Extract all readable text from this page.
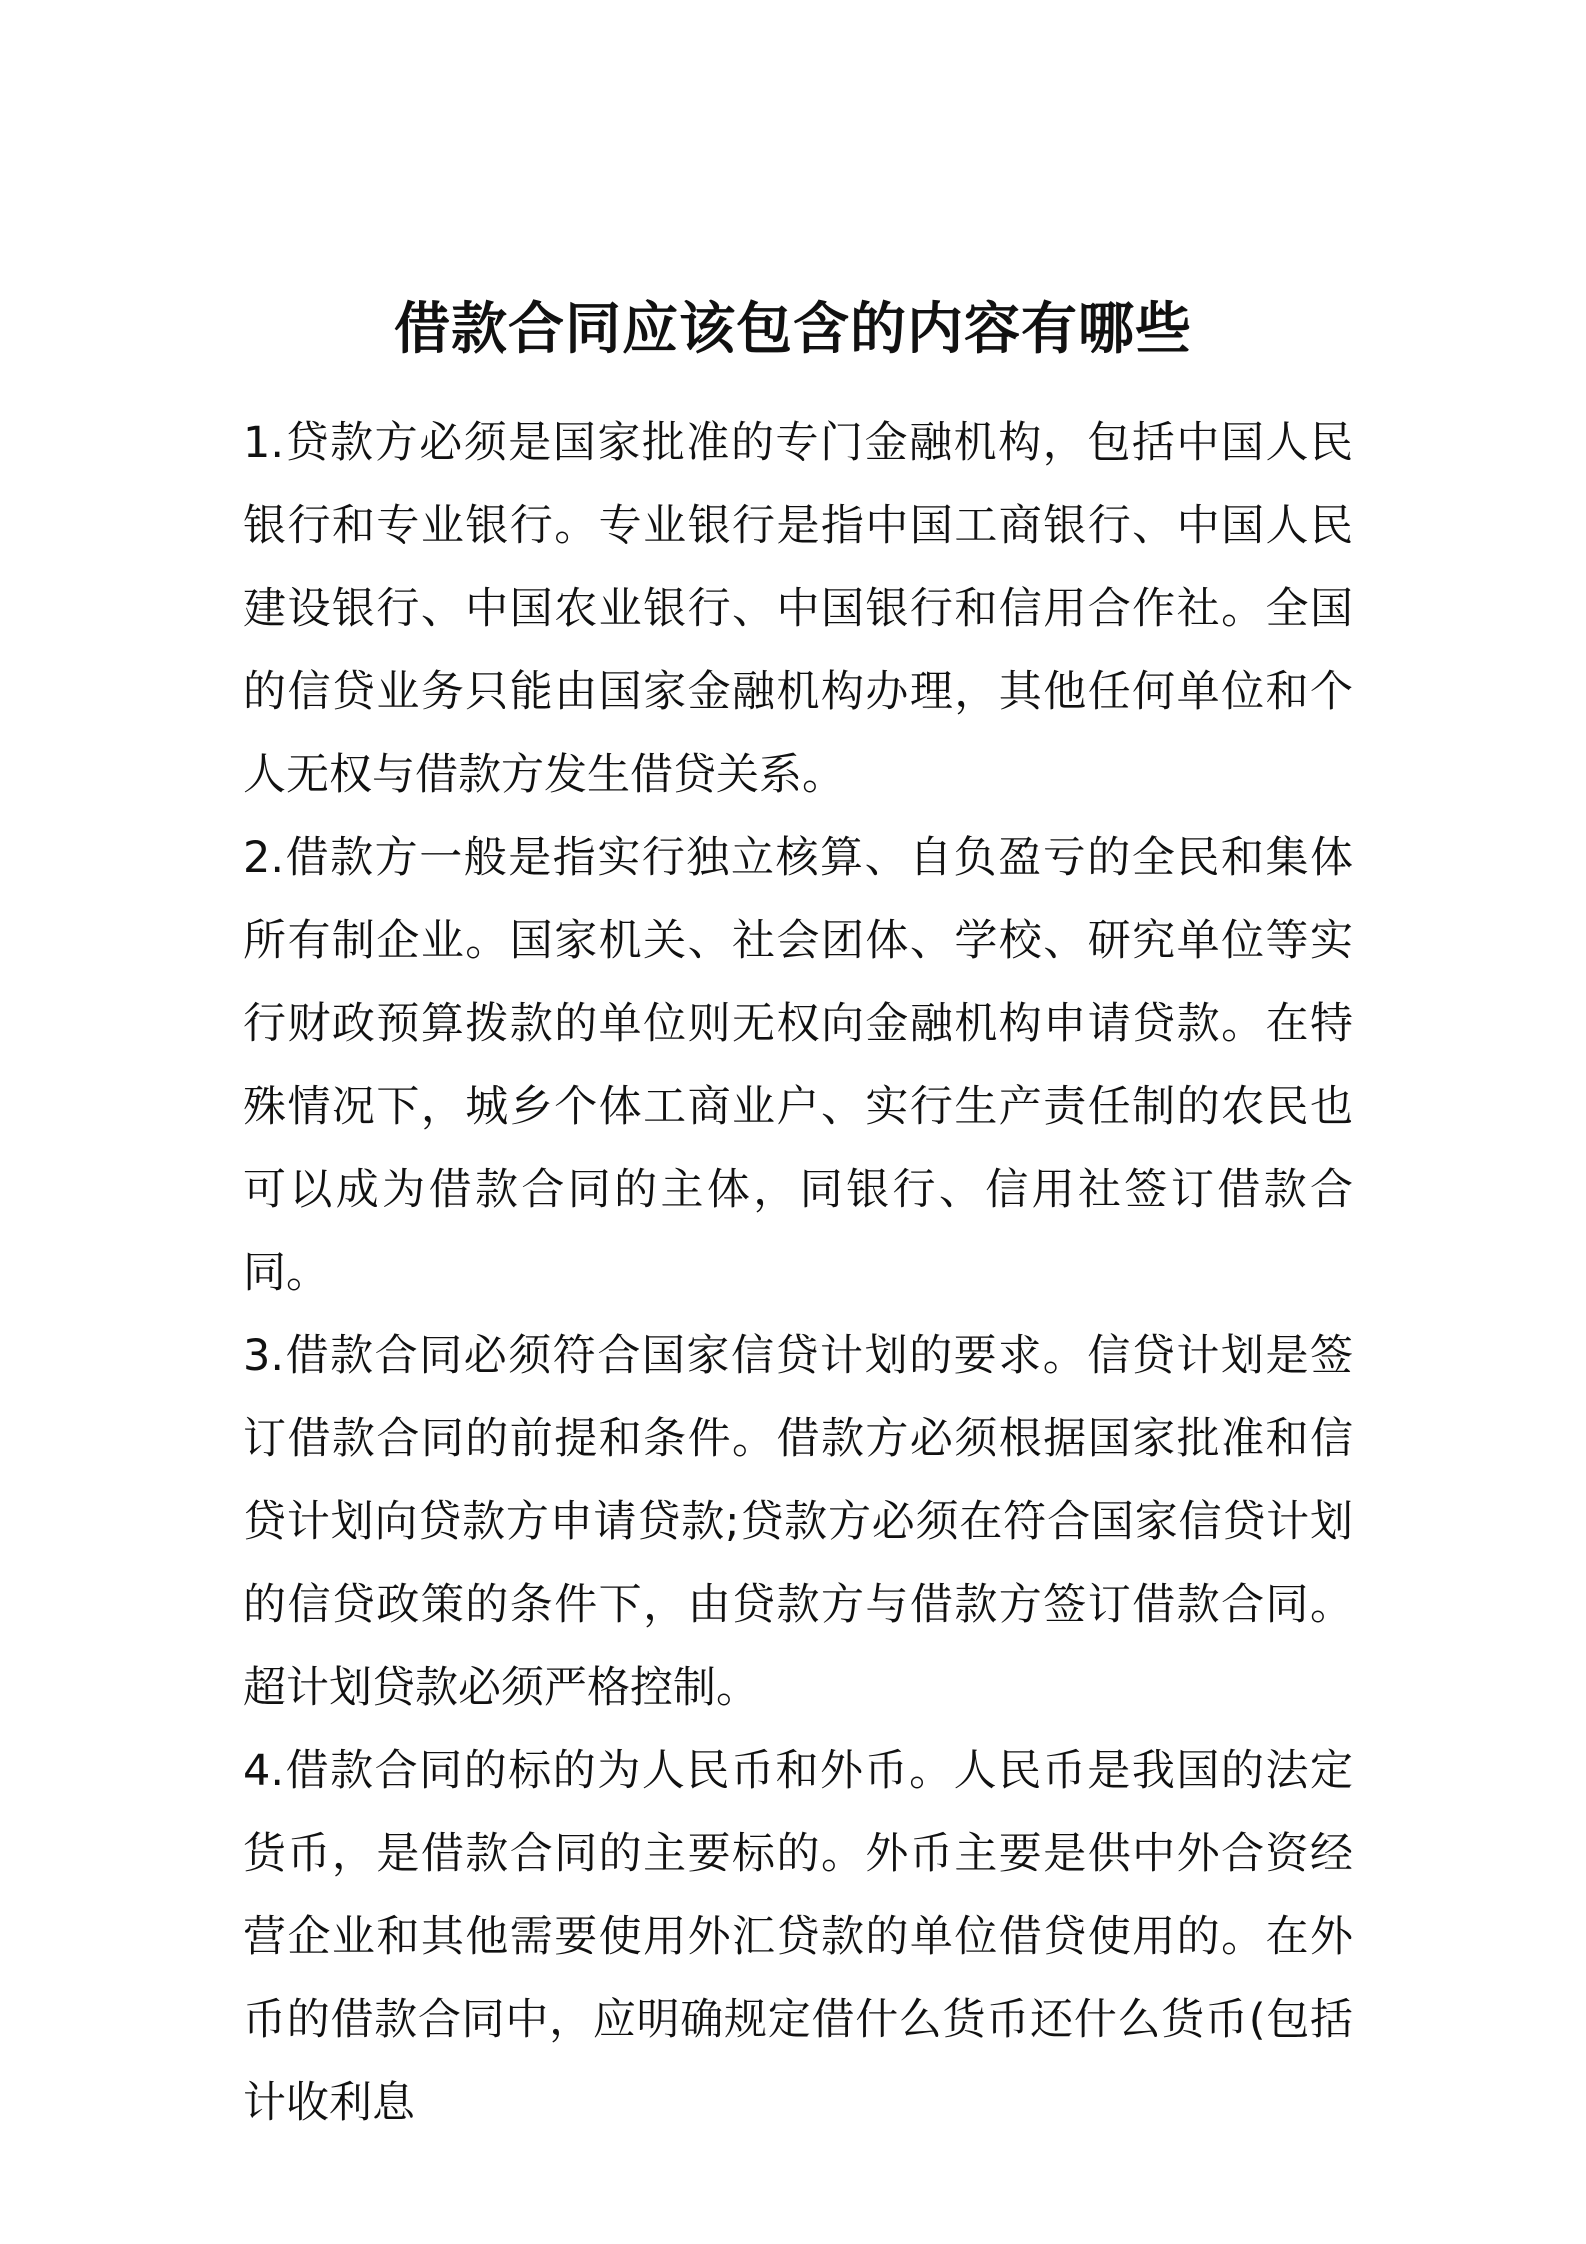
借款合同应该包含的内容有哪些

1.贷款方必须是国家批准的专门金融机构，包括中国人民银行和专业银行。专业银行是指中国工商银行、中国人民建设银行、中国农业银行、中国银行和信用合作社。全国的信贷业务只能由国家金融机构办理，其他任何单位和个人无权与借款方发生借贷关系。

2.借款方一般是指实行独立核算、自负盈亏的全民和集体所有制企业。国家机关、社会团体、学校、研究单位等实行财政预算拨款的单位则无权向金融机构申请贷款。在特殊情况下，城乡个体工商业户、实行生产责任制的农民也可以成为借款合同的主体，同银行、信用社签订借款合同。

3.借款合同必须符合国家信贷计划的要求。信贷计划是签订借款合同的前提和条件。借款方必须根据国家批准和信贷计划向贷款方申请贷款;贷款方必须在符合国家信贷计划的信贷政策的条件下，由贷款方与借款方签订借款合同。超计划贷款必须严格控制。

4.借款合同的标的为人民币和外币。人民币是我国的法定货币，是借款合同的主要标的。外币主要是供中外合资经营企业和其他需要使用外汇贷款的单位借贷使用的。在外币的借款合同中，应明确规定借什么货币还什么货币(包括计收利息
